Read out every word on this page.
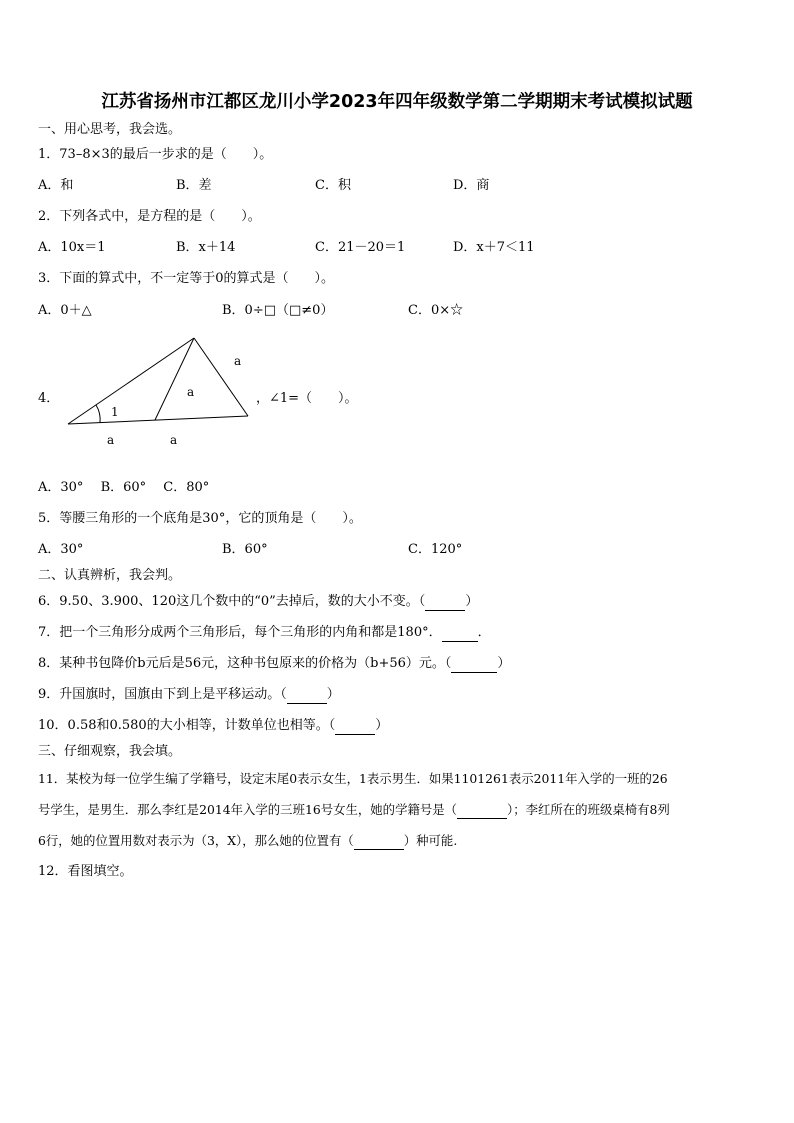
江苏省扬州市江都区龙川小学2023年四年级数学第二学期期末考试模拟试题
一、用心思考，我会选。
1．73–8×3的最后一步求的是（　　）。
A．和	B．差	C．积	D．商
2．下列各式中，是方程的是（　　）。
A．10x＝1	B．x＋14	C．21－20＝1	D．x＋7＜11
3．下面的算式中，不一定等于0的算式是（　　）。
A．0＋△	B．0÷□（□≠0）	C．0×☆
4．
a
a
1
a	a
，∠1=（　　）。
A．30°　 B．60°　 C．80°
5．等腰三角形的一个底角是30°，它的顶角是（　　）。
A．30°	B．60°	C．120°
二、认真辨析，我会判。
6．9.50、3.900、120这几个数中的“0”去掉后，数的大小不变。（	）
7．把一个三角形分成两个三角形后，每个三角形的内角和都是180°．	．
8．某种书包降价b元后是56元，这种书包原来的价格为（b+56）元。（	）
9．升国旗时，国旗由下到上是平移运动。（	）
10．0.58和0.580的大小相等，计数单位也相等。（	）
三、仔细观察，我会填。
11．某校为每一位学生编了学籍号，设定末尾0表示女生，1表示男生．如果1101261表示2011年入学的一班的26
号学生，是男生．那么李红是2014年入学的三班16号女生，她的学籍号是（	）；李红所在的班级桌椅有8列
6行，她的位置用数对表示为（3，X），那么她的位置有（	）种可能.
12．看图填空。
